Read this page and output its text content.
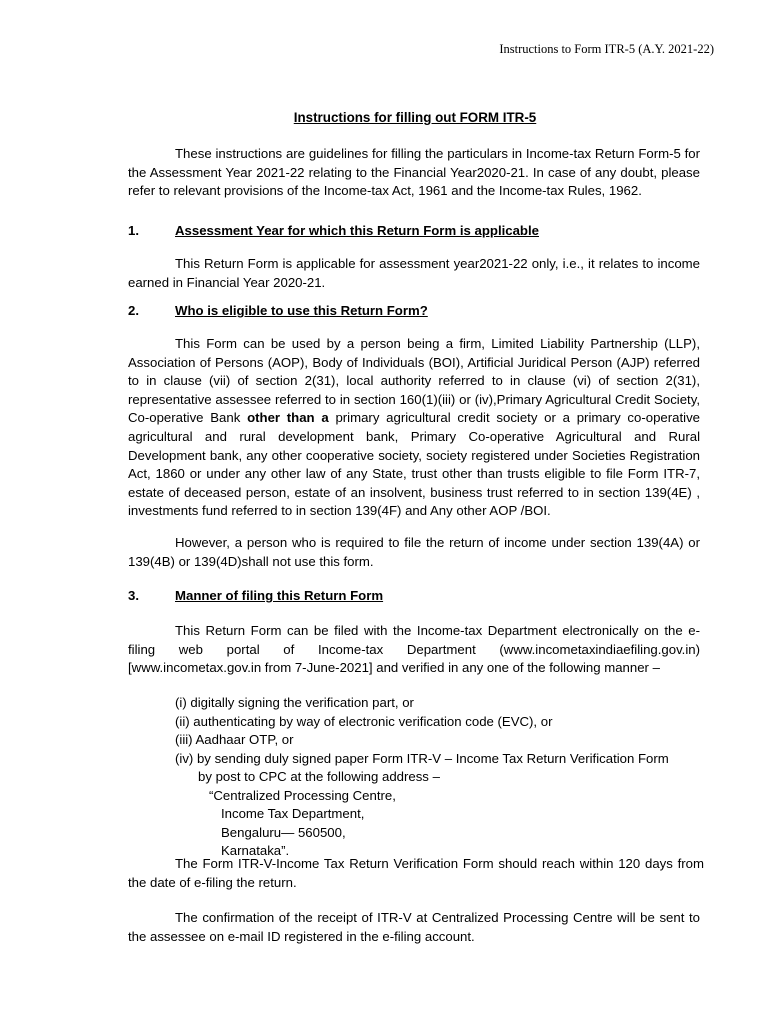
Instructions to Form ITR-5 (A.Y. 2021-22)
Instructions for filling out FORM ITR-5

These instructions are guidelines for filling the particulars in Income-tax Return Form-5 for the Assessment Year 2021-22 relating to the Financial Year2020-21. In case of any doubt, please refer to relevant provisions of the Income-tax Act, 1961 and the Income-tax Rules, 1962.

1.	Assessment Year for which this Return Form is applicable

This Return Form is applicable for assessment year2021-22 only, i.e., it relates to income earned in Financial Year 2020-21.

2.	Who is eligible to use this Return Form?

This Form can be used by a person being a firm, Limited Liability Partnership (LLP), Association of Persons (AOP), Body of Individuals (BOI), Artificial Juridical Person (AJP) referred to in clause (vii) of section 2(31), local authority referred to in clause (vi) of section 2(31), representative assessee referred to in section 160(1)(iii) or (iv),Primary Agricultural Credit Society, Co-operative Bank other than a primary agricultural credit society or a primary co-operative agricultural and rural development bank, Primary Co-operative Agricultural and Rural Development bank, any other cooperative society, society registered under Societies Registration Act, 1860 or under any other law of any State, trust other than trusts eligible to file Form ITR-7, estate of deceased person, estate of an insolvent, business trust referred to in section 139(4E) , investments fund referred to in section 139(4F) and Any other AOP /BOI.

However, a person who is required to file the return of income under section 139(4A) or 139(4B) or 139(4D)shall not use this form.

3.	Manner of filing this Return Form

This Return Form can be filed with the Income-tax Department electronically on the e-filing web portal of Income-tax Department (www.incometaxindiaefiling.gov.in) [www.incometax.gov.in from 7-June-2021] and verified in any one of the following manner –

(i) digitally signing the verification part, or
(ii) authenticating by way of electronic verification code (EVC), or
(iii) Aadhaar OTP, or
(iv) by sending duly signed paper Form ITR-V – Income Tax Return Verification Form
by post to CPC at the following address –
“Centralized Processing Centre,
Income Tax Department,
Bengaluru— 560500,
Karnataka”.

The Form ITR-V-Income Tax Return Verification Form should reach within 120 days from the date of e-filing the return.

The confirmation of the receipt of ITR-V at Centralized Processing Centre will be sent to the assessee on e-mail ID registered in the e-filing account.
